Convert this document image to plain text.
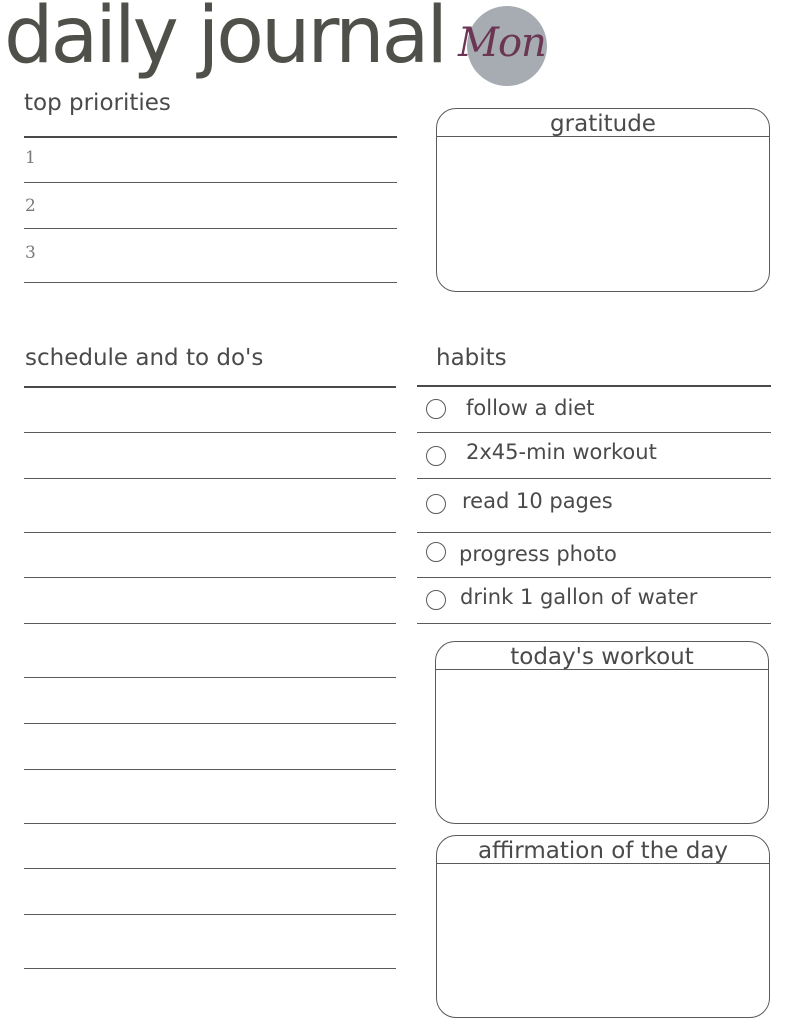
daily journal Mon
top priorities
1
2
3
gratitude
schedule and to do's	habits
follow a diet
2x45-min workout
read 10 pages
progress photo
drink 1 gallon of water
today's workout
affirmation of the day
